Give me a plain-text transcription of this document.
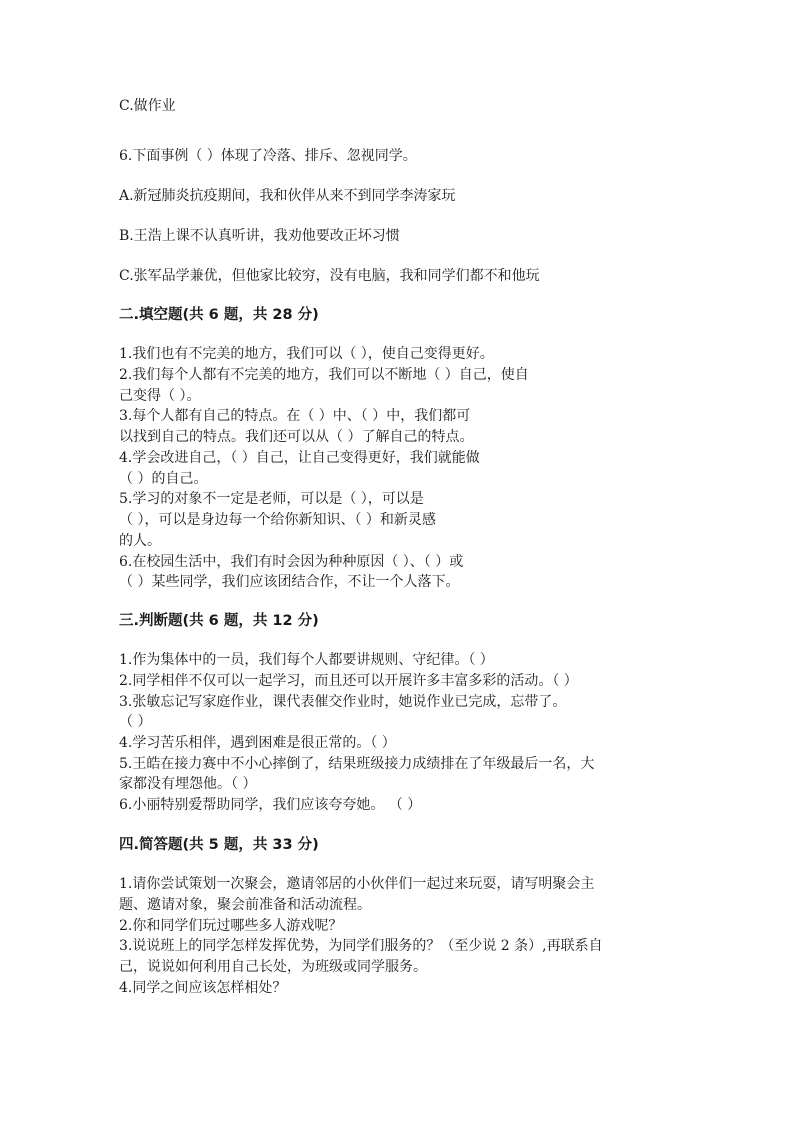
C.做作业
6.下面事例（ ）体现了冷落、排斥、忽视同学。
A.新冠肺炎抗疫期间，我和伙伴从来不到同学李涛家玩
B.王浩上课不认真听讲，我劝他要改正坏习惯
C.张军品学兼优，但他家比较穷，没有电脑，我和同学们都不和他玩
二.填空题(共 6 题，共 28 分)
1.我们也有不完美的地方，我们可以（ ），使自己变得更好。
2.我们每个人都有不完美的地方，我们可以不断地（ ）自己，使自
己变得（ ）。
3.每个人都有自己的特点。在（ ）中、（ ）中，我们都可
以找到自己的特点。我们还可以从（ ）了解自己的特点。
4.学会改进自己，（ ）自己，让自己变得更好，我们就能做
（ ）的自己。
5.学习的对象不一定是老师，可以是（ ），可以是
（ ），可以是身边每一个给你新知识、（ ）和新灵感
的人。
6.在校园生活中，我们有时会因为种种原因（ ）、（ ）或
（ ）某些同学，我们应该团结合作，不让一个人落下。
三.判断题(共 6 题，共 12 分)
1.作为集体中的一员，我们每个人都要讲规则、守纪律。（ ）
2.同学相伴不仅可以一起学习，而且还可以开展许多丰富多彩的活动。（ ）
3.张敏忘记写家庭作业，课代表催交作业时，她说作业已完成，忘带了。
（ ）
4.学习苦乐相伴，遇到困难是很正常的。（ ）
5.王皓在接力赛中不小心摔倒了，结果班级接力成绩排在了年级最后一名，大
家都没有埋怨他。（ ）
6.小丽特别爱帮助同学，我们应该夸夸她。 （ ）
四.简答题(共 5 题，共 33 分)
1.请你尝试策划一次聚会，邀请邻居的小伙伴们一起过来玩耍，请写明聚会主
题、邀请对象，聚会前准备和活动流程。
2.你和同学们玩过哪些多人游戏呢？
3.说说班上的同学怎样发挥优势，为同学们服务的？（至少说 2 条）,再联系自
己，说说如何利用自己长处，为班级或同学服务。
4.同学之间应该怎样相处？
